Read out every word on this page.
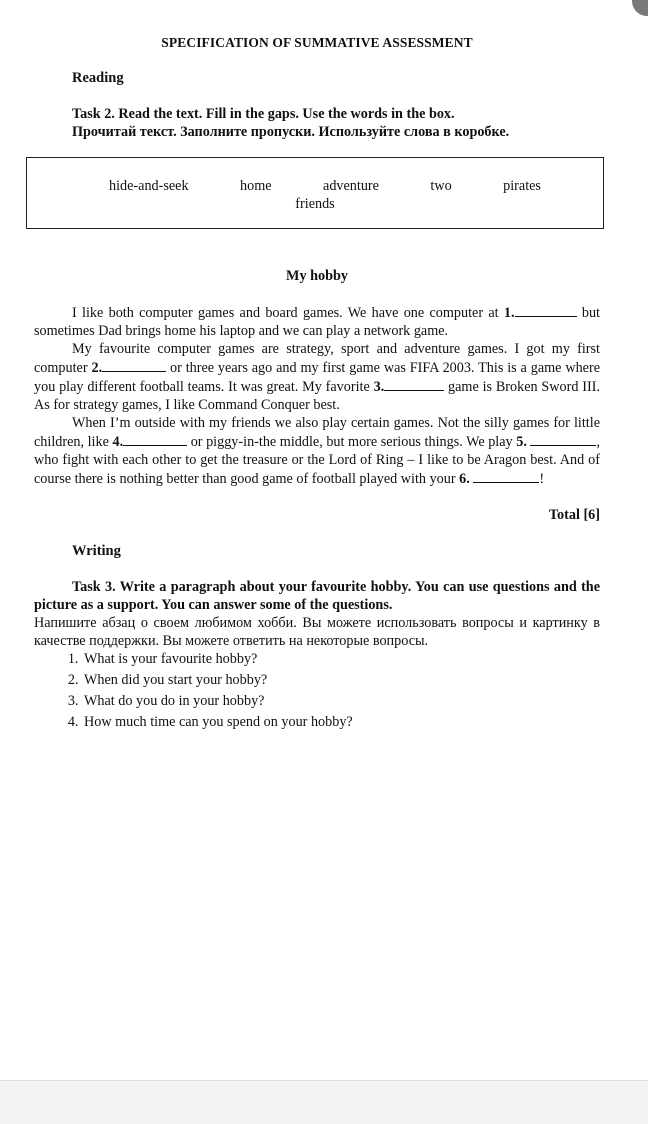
SPECIFICATION OF SUMMATIVE ASSESSMENT
Reading
Task 2. Read the text. Fill in the gaps. Use the words in the box.
Прочитай текст. Заполните пропуски. Используйте слова в коробке.
hide-and-seek	home	adventure	two	pirates
friends
My hobby

I like both computer games and board games. We have one computer at 1.	but sometimes Dad brings home his laptop and we can play a network game.

My favourite computer games are strategy, sport and adventure games. I got my first computer 2.	or three years ago and my first game was FIFA 2003. This is a game where you play different football teams. It was great. My favorite 3.	game is Broken Sword III. As for strategy games, I like Command Conquer best.

When I’m outside with my friends we also play certain games. Not the silly games for little children, like 4.	or piggy-in-the middle, but more serious things. We play 5.	, who fight with each other to get the treasure or the Lord of Ring – I like to be Aragon best. And of course there is nothing better than good game of football played with your 6.	!

Total [6]
Writing

Task 3. Write a paragraph about your favourite hobby. You can use questions and the picture as a support. You can answer some of the questions.

Напишите абзац о своем любимом хобби. Вы можете использовать вопросы и картинку в качестве поддержки. Вы можете ответить на некоторые вопросы.

1. What is your favourite hobby?
2. When did you start your hobby?
3. What do you do in your hobby?
4. How much time can you spend on your hobby?
